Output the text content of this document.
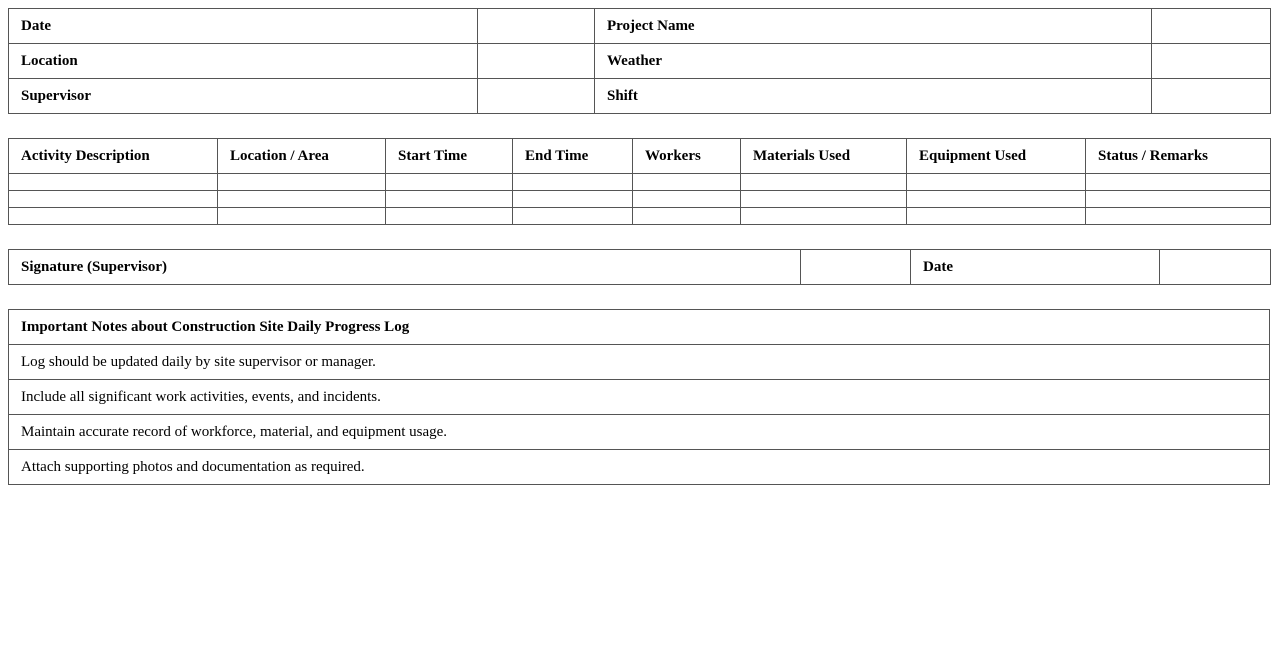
Date		Project Name	
Location		Weather	
Supervisor		Shift	
Activity Description	Location / Area	Start Time	End Time	Workers	Materials Used	Equipment Used	Status / Remarks

Signature (Supervisor)		Date	
Important Notes about Construction Site Daily Progress Log
Log should be updated daily by site supervisor or manager.
Include all significant work activities, events, and incidents.
Maintain accurate record of workforce, material, and equipment usage.
Attach supporting photos and documentation as required.
